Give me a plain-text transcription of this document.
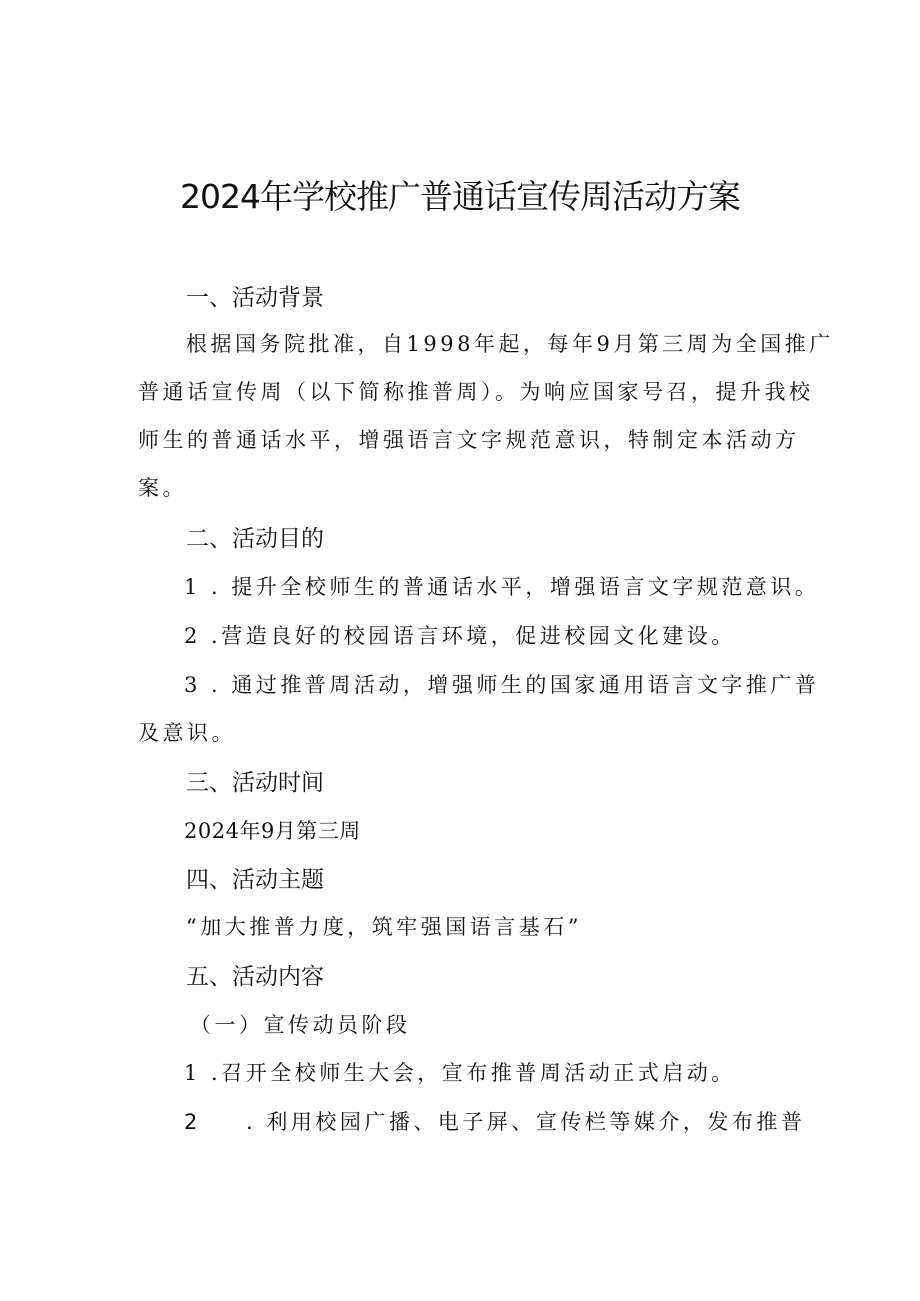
2024年学校推广普通话宣传周活动方案
一、活动背景
根据国务院批准，自1998年起，每年9月第三周为全国推广
普通话宣传周（以下简称推普周）。为响应国家号召，提升我校
师生的普通话水平，增强语言文字规范意识，特制定本活动方
案。
二、活动目的
1 . 提升全校师生的普通话水平，增强语言文字规范意识。
2 .营造良好的校园语言环境，促进校园文化建设。
3 . 通过推普周活动，增强师生的国家通用语言文字推广普
及意识。
三、活动时间
2024年9月第三周
四、活动主题
“加大推普力度，筑牢强国语言基石”
五、活动内容
（一）宣传动员阶段
1 .召开全校师生大会，宣布推普周活动正式启动。
2 . 利用校园广播、电子屏、宣传栏等媒介，发布推普
